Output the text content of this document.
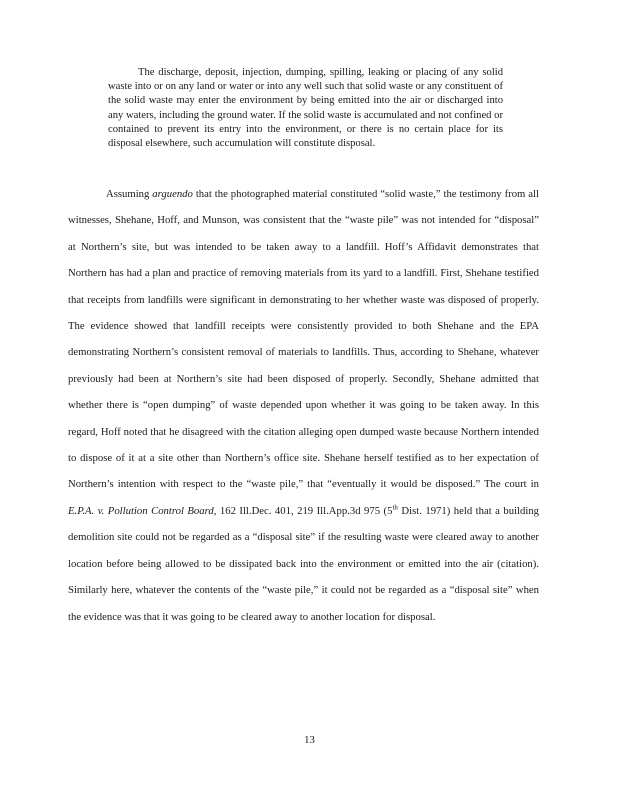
The discharge, deposit, injection, dumping, spilling, leaking or placing of any solid waste into or on any land or water or into any well such that solid waste or any constituent of the solid waste may enter the environment by being emitted into the air or discharged into any waters, including the ground water. If the solid waste is accumulated and not confined or contained to prevent its entry into the environment, or there is no certain place for its disposal elsewhere, such accumulation will constitute disposal.

Assuming arguendo that the photographed material constituted “solid waste,” the testimony from all witnesses, Shehane, Hoff, and Munson, was consistent that the “waste pile” was not intended for “disposal” at Northern’s site, but was intended to be taken away to a landfill. Hoff’s Affidavit demonstrates that Northern has had a plan and practice of removing materials from its yard to a landfill. First, Shehane testified that receipts from landfills were significant in demonstrating to her whether waste was disposed of properly. The evidence showed that landfill receipts were consistently provided to both Shehane and the EPA demonstrating Northern’s consistent removal of materials to landfills. Thus, according to Shehane, whatever previously had been at Northern’s site had been disposed of properly. Secondly, Shehane admitted that whether there is “open dumping” of waste depended upon whether it was going to be taken away. In this regard, Hoff noted that he disagreed with the citation alleging open dumped waste because Northern intended to dispose of it at a site other than Northern’s office site. Shehane herself testified as to her expectation of Northern’s intention with respect to the “waste pile,” that “eventually it would be disposed.” The court in E.P.A. v. Pollution Control Board, 162 Ill.Dec. 401, 219 Ill.App.3d 975 (5th Dist. 1971) held that a building demolition site could not be regarded as a “disposal site” if the resulting waste were cleared away to another location before being allowed to be dissipated back into the environment or emitted into the air (citation). Similarly here, whatever the contents of the “waste pile,” it could not be regarded as a “disposal site” when the evidence was that it was going to be cleared away to another location for disposal.

13
